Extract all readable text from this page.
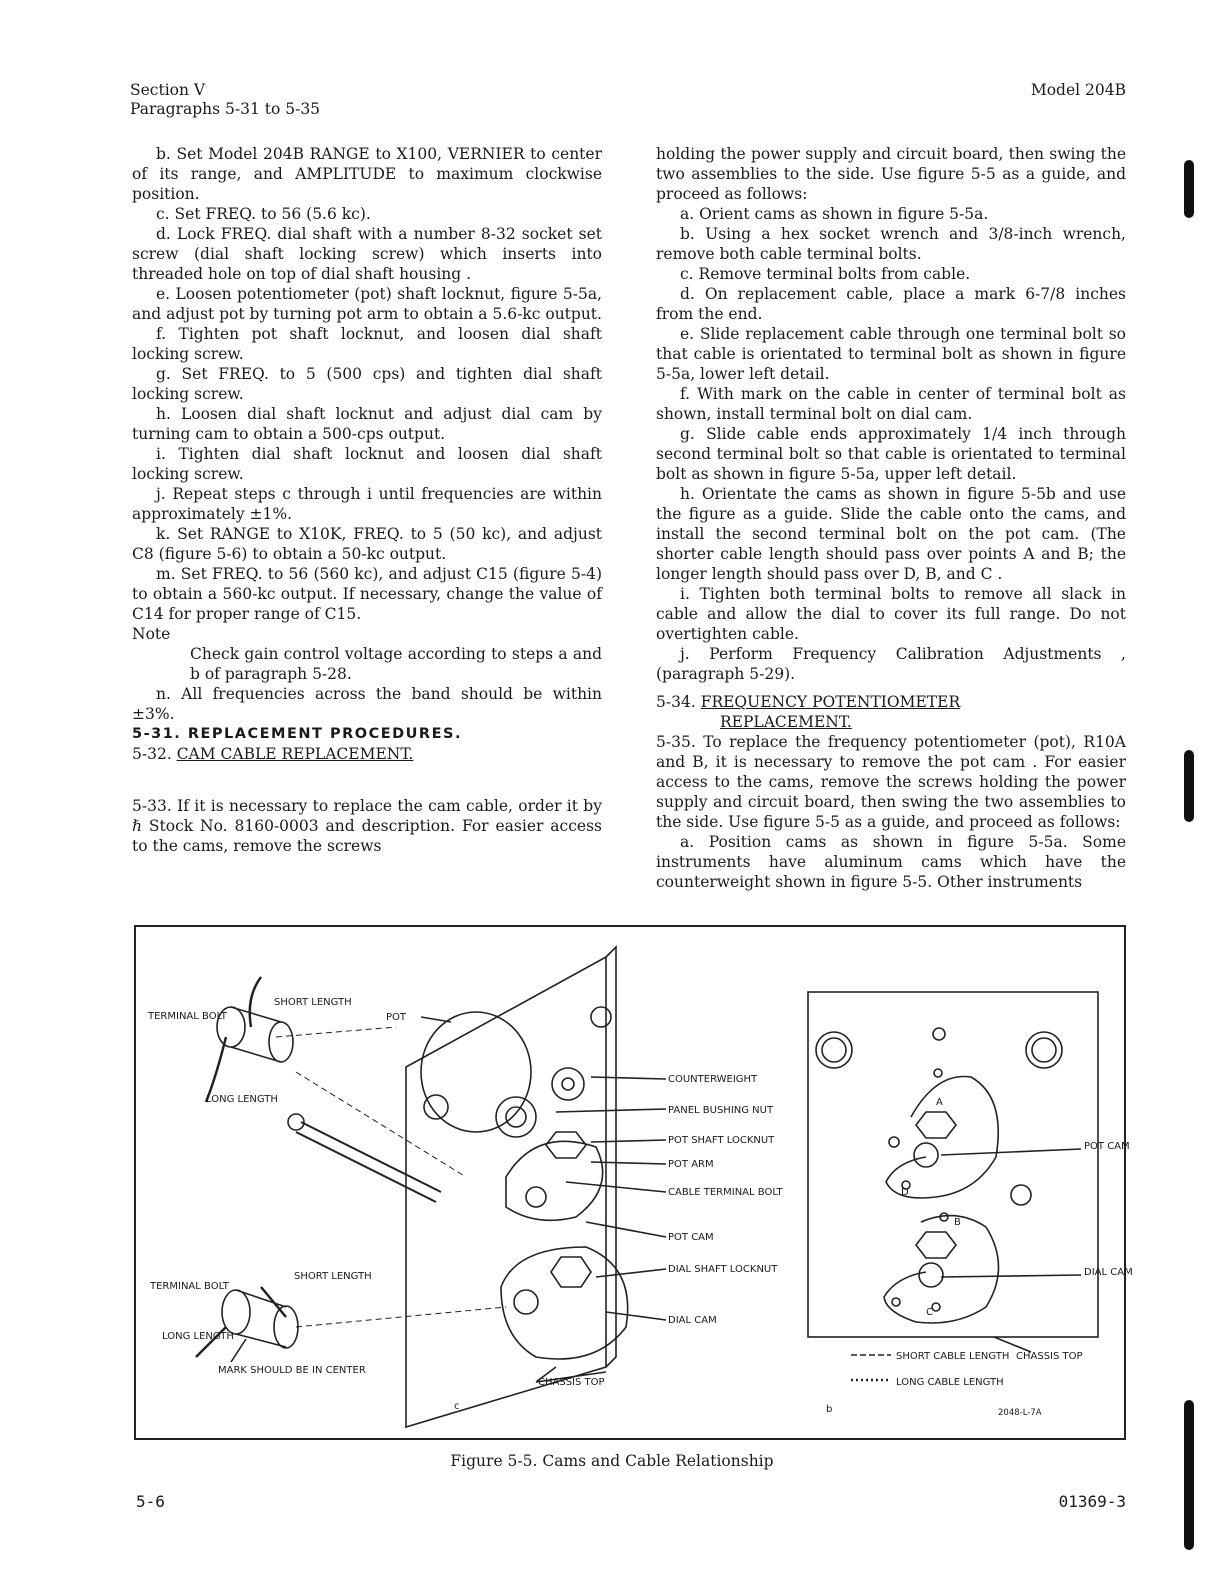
Section V
Paragraphs 5-31 to 5-35
Model 204B

b. Set Model 204B RANGE to X100, VERNIER to center of its range, and AMPLITUDE to maximum clockwise position.

c. Set FREQ. to 56 (5.6 kc).

d. Lock FREQ. dial shaft with a number 8-32 socket set screw (dial shaft locking screw) which inserts into threaded hole on top of dial shaft housing .

e. Loosen potentiometer (pot) shaft locknut, figure 5-5a, and adjust pot by turning pot arm to obtain a 5.6-kc output.

f. Tighten pot shaft locknut, and loosen dial shaft locking screw.

g. Set FREQ. to 5 (500 cps) and tighten dial shaft locking screw.

h. Loosen dial shaft locknut and adjust dial cam by turning cam to obtain a 500-cps output.

i. Tighten dial shaft locknut and loosen dial shaft locking screw.

j. Repeat steps c through i until frequencies are within approximately ±1%.

k. Set RANGE to X10K, FREQ. to 5 (50 kc), and adjust C8 (figure 5-6) to obtain a 50-kc output.

m. Set FREQ. to 56 (560 kc), and adjust C15 (figure 5-4) to obtain a 560-kc output. If necessary, change the value of C14 for proper range of C15.

Note

Check gain control voltage according to steps a and b of paragraph 5-28.

n. All frequencies across the band should be within ±3%.

5-31. REPLACEMENT PROCEDURES.

5-32. CAM CABLE REPLACEMENT.

5-33. If it is necessary to replace the cam cable, order it by ℏ Stock No. 8160-0003 and description. For easier access to the cams, remove the screws

holding the power supply and circuit board, then swing the two assemblies to the side. Use figure 5-5 as a guide, and proceed as follows:

a. Orient cams as shown in figure 5-5a.

b. Using a hex socket wrench and 3/8-inch wrench, remove both cable terminal bolts.

c. Remove terminal bolts from cable.

d. On replacement cable, place a mark 6-7/8 inches from the end.

e. Slide replacement cable through one terminal bolt so that cable is orientated to terminal bolt as shown in figure 5-5a, lower left detail.

f. With mark on the cable in center of terminal bolt as shown, install terminal bolt on dial cam.

g. Slide cable ends approximately 1/4 inch through second terminal bolt so that cable is orientated to terminal bolt as shown in figure 5-5a, upper left detail.

h. Orientate the cams as shown in figure 5-5b and use the figure as a guide. Slide the cable onto the cams, and install the second terminal bolt on the pot cam. (The shorter cable length should pass over points A and B; the longer length should pass over D, B, and C .

i. Tighten both terminal bolts to remove all slack in cable and allow the dial to cover its full range. Do not overtighten cable.

j. Perform Frequency Calibration Adjustments , (paragraph 5-29).

5-34. FREQUENCY POTENTIOMETER

REPLACEMENT.

5-35. To replace the frequency potentiometer (pot), R10A and B, it is necessary to remove the pot cam . For easier access to the cams, remove the screws holding the power supply and circuit board, then swing the two assemblies to the side. Use figure 5-5 as a guide, and proceed as follows:

a. Position cams as shown in figure 5-5a. Some instruments have aluminum cams which have the counterweight shown in figure 5-5. Other instruments

TERMINAL BOLT
SHORT LENGTH
LONG LENGTH
POT
COUNTERWEIGHT
PANEL BUSHING NUT
POT SHAFT LOCKNUT
POT ARM
CABLE TERMINAL BOLT
POT CAM
DIAL SHAFT LOCKNUT
DIAL CAM
TERMINAL BOLT
SHORT LENGTH
LONG LENGTH
MARK SHOULD BE IN CENTER
CHASSIS TOP
c
A
B
C
D
POT CAM
DIAL CAM
SHORT CABLE LENGTH
LONG CABLE LENGTH
CHASSIS TOP
b	2048-L-7A
Figure 5-5. Cams and Cable Relationship
5-6	01369-3
